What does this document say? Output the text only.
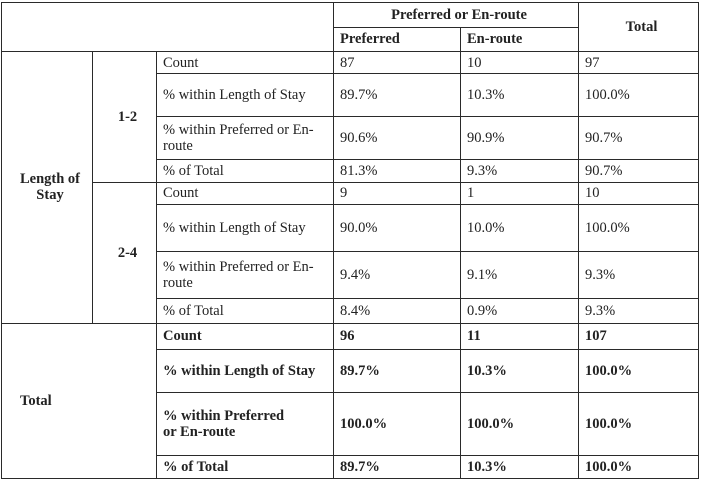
			Preferred or En-route		Total
			Preferred	En-route	
Length of Stay	1-2	Count	87	10	97
		% within Length of Stay	89.7%	10.3%	100.0%
		% within Preferred or En-route	90.6%	90.9%	90.7%
		% of Total	81.3%	9.3%	90.7%
	2-4	Count	9	1	10
		% within Length of Stay	90.0%	10.0%	100.0%
		% within Preferred or En-route	9.4%	9.1%	9.3%
		% of Total	8.4%	0.9%	9.3%
Total		Count	96	11	107
		% within Length of Stay	89.7%	10.3%	100.0%
		% within Preferred or En-route	100.0%	100.0%	100.0%
		% of Total	89.7%	10.3%	100.0%
